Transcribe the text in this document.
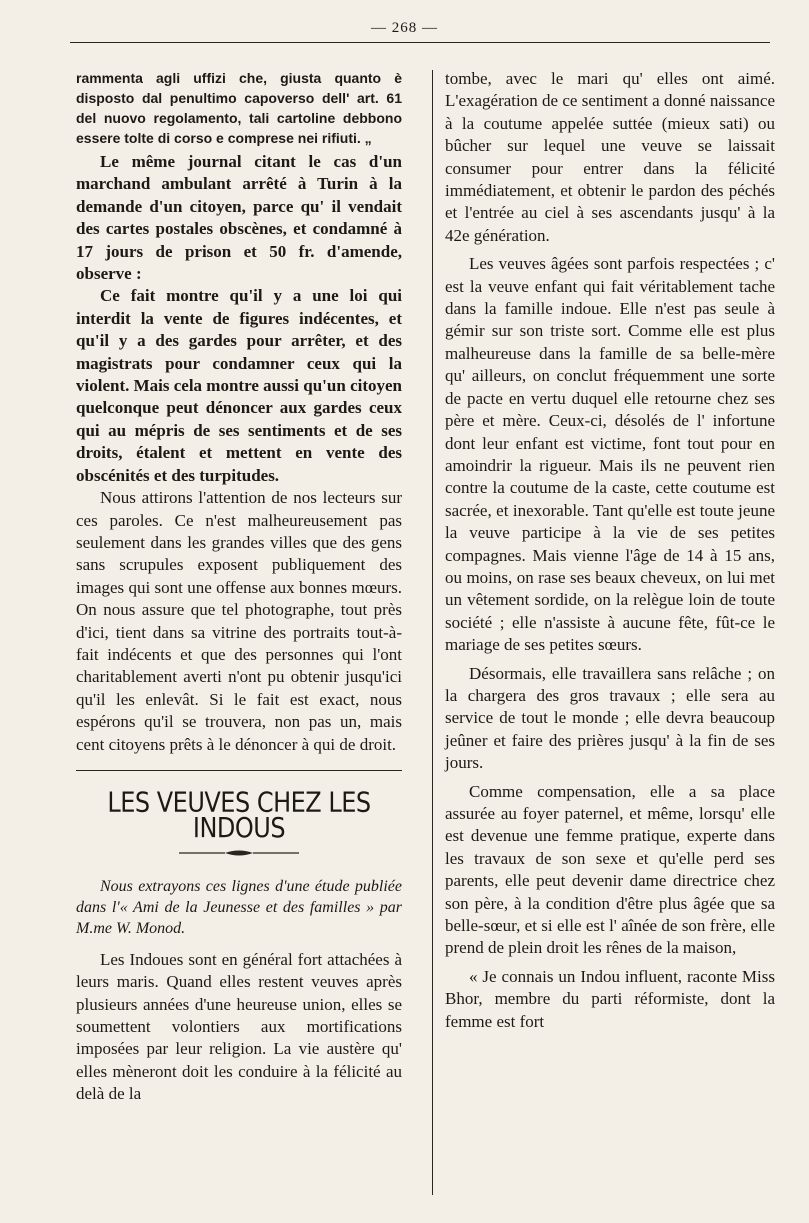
— 268 —

rammenta agli uffizi che, giusta quanto è disposto dal penultimo capoverso dell' art. 61 del nuovo regolamento, tali cartoline debbono essere tolte di corso e comprese nei rifiuti. „

Le même journal citant le cas d'un marchand ambulant arrêté à Turin à la demande d'un citoyen, parce qu' il vendait des cartes postales obscènes, et condamné à 17 jours de prison et 50 fr. d'amende, observe :

Ce fait montre qu'il y a une loi qui interdit la vente de figures indécentes, et qu'il y a des gardes pour arrêter, et des magistrats pour condamner ceux qui la violent. Mais cela montre aussi qu'un citoyen quelconque peut dénoncer aux gardes ceux qui au mépris de ses sentiments et de ses droits, étalent et mettent en vente des obscénités et des turpitudes.

Nous attirons l'attention de nos lecteurs sur ces paroles. Ce n'est malheureusement pas seulement dans les grandes villes que des gens sans scrupules exposent publiquement des images qui sont une offense aux bonnes mœurs. On nous assure que tel photographe, tout près d'ici, tient dans sa vitrine des portraits tout-à-fait indécents et que des personnes qui l'ont charitablement averti n'ont pu obtenir jusqu'ici qu'il les enlevât. Si le fait est exact, nous espérons qu'il se trouvera, non pas un, mais cent citoyens prêts à le dénoncer à qui de droit.

LES VEUVES CHEZ LES INDOUS

Nous extrayons ces lignes d'une étude publiée dans l'« Ami de la Jeunesse et des familles » par M.me W. Monod.

Les Indoues sont en général fort attachées à leurs maris. Quand elles restent veuves après plusieurs années d'une heureuse union, elles se soumettent volontiers aux mortifications imposées par leur religion. La vie austère qu' elles mèneront doit les conduire à la félicité au delà de la

tombe, avec le mari qu' elles ont aimé. L'exagération de ce sentiment a donné naissance à la coutume appelée suttée (mieux sati) ou bûcher sur lequel une veuve se laissait consumer pour entrer dans la félicité immédiatement, et obtenir le pardon des péchés et l'entrée au ciel à ses ascendants jusqu' à la 42e génération.

Les veuves âgées sont parfois respectées ; c' est la veuve enfant qui fait véritablement tache dans la famille indoue. Elle n'est pas seule à gémir sur son triste sort. Comme elle est plus malheureuse dans la famille de sa belle-mère qu' ailleurs, on conclut fréquemment une sorte de pacte en vertu duquel elle retourne chez ses père et mère. Ceux-ci, désolés de l' infortune dont leur enfant est victime, font tout pour en amoindrir la rigueur. Mais ils ne peuvent rien contre la coutume de la caste, cette coutume est sacrée, et inexorable. Tant qu'elle est toute jeune la veuve participe à la vie de ses petites compagnes. Mais vienne l'âge de 14 à 15 ans, ou moins, on rase ses beaux cheveux, on lui met un vêtement sordide, on la relègue loin de toute société ; elle n'assiste à aucune fête, fût-ce le mariage de ses petites sœurs.

Désormais, elle travaillera sans relâche ; on la chargera des gros travaux ; elle sera au service de tout le monde ; elle devra beaucoup jeûner et faire des prières jusqu' à la fin de ses jours.

Comme compensation, elle a sa place assurée au foyer paternel, et même, lorsqu' elle est devenue une femme pratique, experte dans les travaux de son sexe et qu'elle perd ses parents, elle peut devenir dame directrice chez son père, à la condition d'être plus âgée que sa belle-sœur, et si elle est l' aînée de son frère, elle prend de plein droit les rênes de la maison,

« Je connais un Indou influent, raconte Miss Bhor, membre du parti réformiste, dont la femme est fort
